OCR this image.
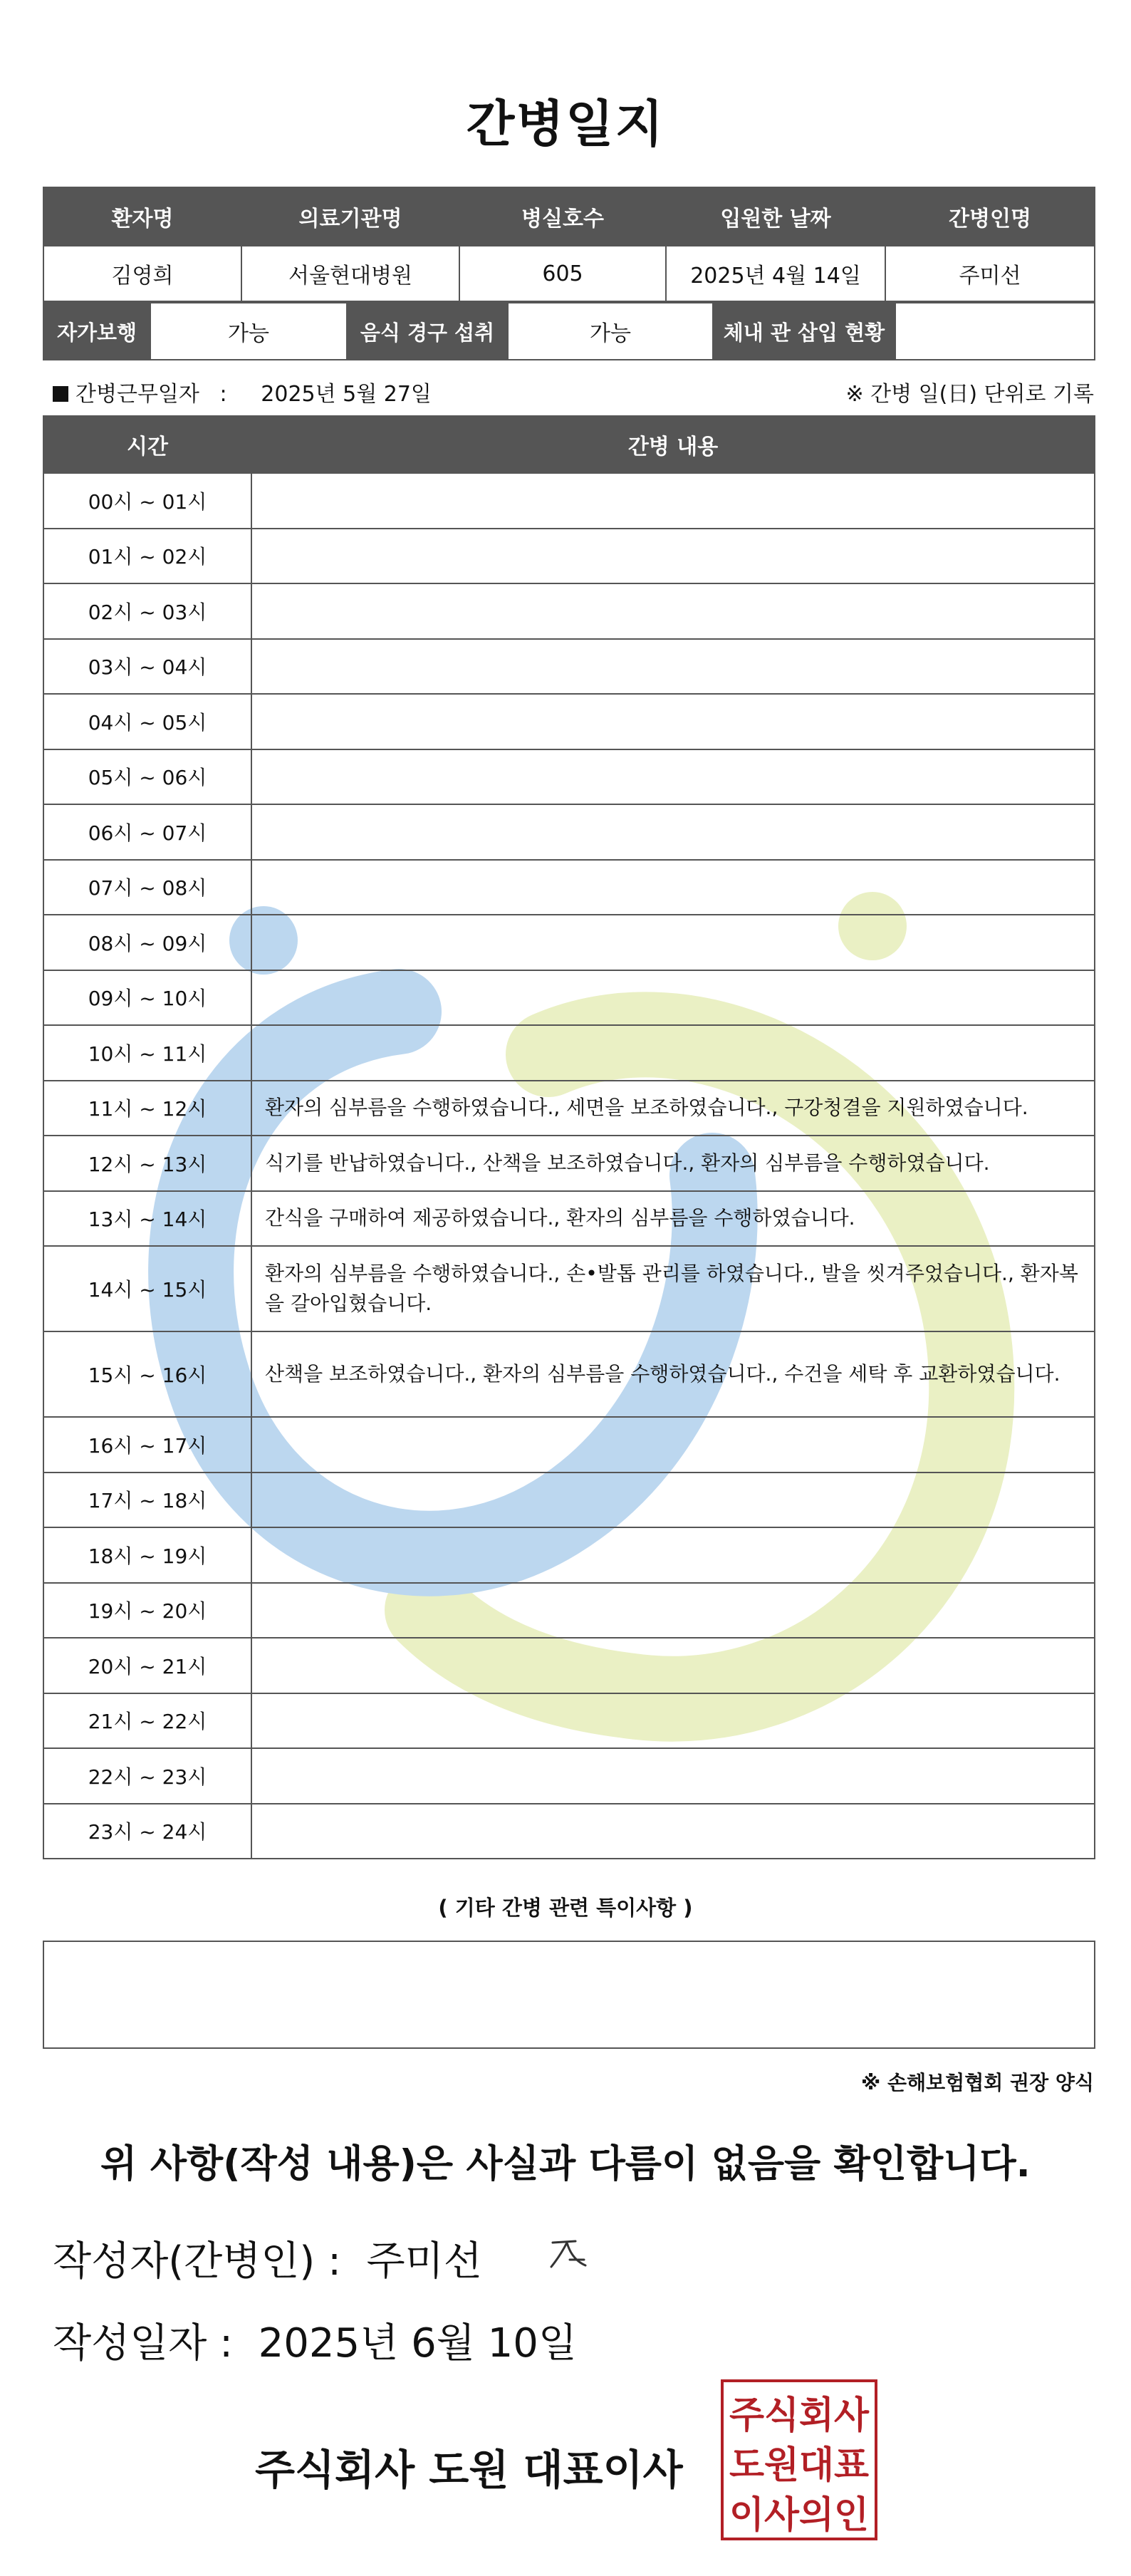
간병일지
환자명	의료기관명	병실호수	입원한 날짜	간병인명
김영희	서울현대병원	605	2025년 4월 14일	주미선
자가보행	가능	음식 경구 섭취	가능	체내 관 삽입 현황	
간병근무일자 : 2025년 5월 27일	※ 간병 일(日) 단위로 기록
시간	간병 내용
00시 ~ 01시	
01시 ~ 02시	
02시 ~ 03시	
03시 ~ 04시	
04시 ~ 05시	
05시 ~ 06시	
06시 ~ 07시	
07시 ~ 08시	
08시 ~ 09시	
09시 ~ 10시	
10시 ~ 11시	
11시 ~ 12시	환자의 심부름을 수행하였습니다., 세면을 보조하였습니다., 구강청결을 지원하였습니다.
12시 ~ 13시	식기를 반납하였습니다., 산책을 보조하였습니다., 환자의 심부름을 수행하였습니다.
13시 ~ 14시	간식을 구매하여 제공하였습니다., 환자의 심부름을 수행하였습니다.
14시 ~ 15시	환자의 심부름을 수행하였습니다., 손•발톱 관리를 하였습니다., 발을 씻겨주었습니다., 환자복을 갈아입혔습니다.
15시 ~ 16시	산책을 보조하였습니다., 환자의 심부름을 수행하였습니다., 수건을 세탁 후 교환하였습니다.
16시 ~ 17시	
17시 ~ 18시	
18시 ~ 19시	
19시 ~ 20시	
20시 ~ 21시	
21시 ~ 22시	
22시 ~ 23시	
23시 ~ 24시	
( 기타 간병 관련 특이사항 )
※ 손해보험협회 권장 양식
위 사항(작성 내용)은 사실과 다름이 없음을 확인합니다.
작성자(간병인) : 주미선
작성일자 : 2025년 6월 10일
주식회사 도원 대표이사
주식회사
도원대표
이사의인
